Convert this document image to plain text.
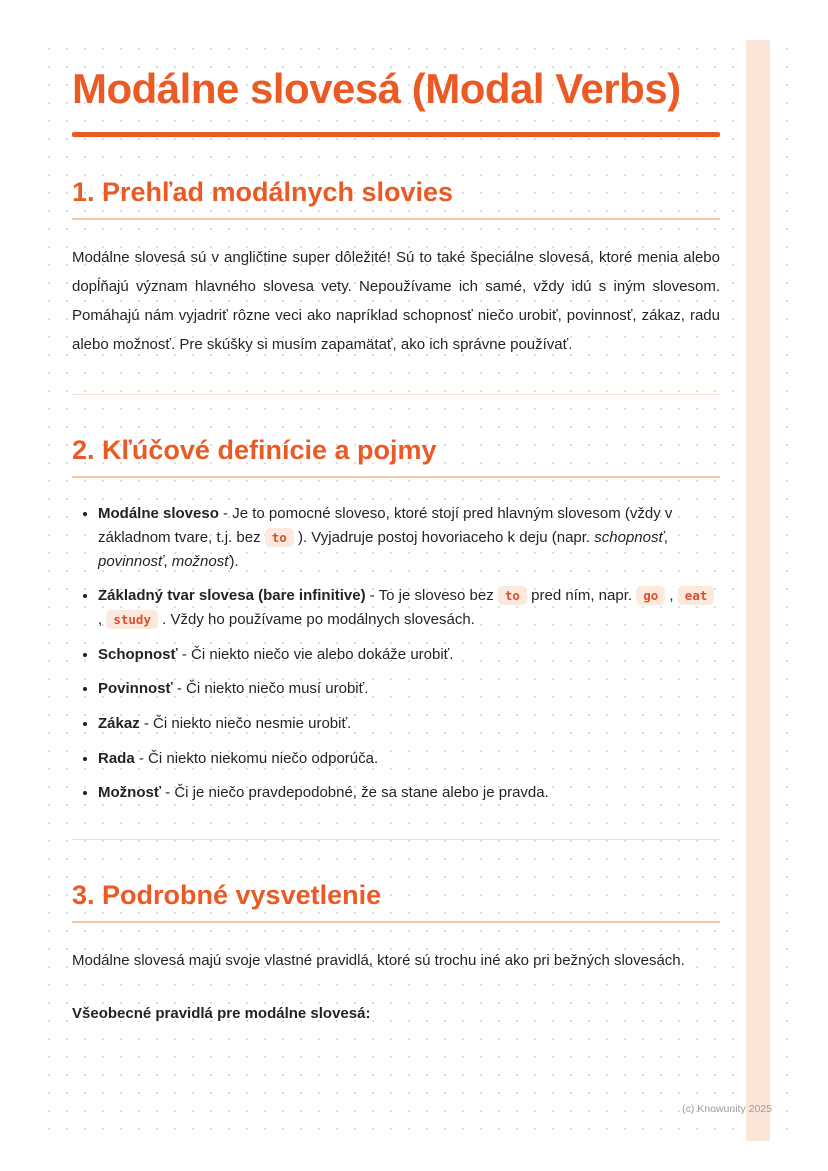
Modálne slovesá (Modal Verbs)
1. Prehľad modálnych slovies

Modálne slovesá sú v angličtine super dôležité! Sú to také špeciálne slovesá, ktoré menia alebo dopĺňajú význam hlavného slovesa vety. Nepoužívame ich samé, vždy idú s iným slovesom. Pomáhajú nám vyjadriť rôzne veci ako napríklad schopnosť niečo urobiť, povinnosť, zákaz, radu alebo možnosť. Pre skúšky si musím zapamätať, ako ich správne používať.

2. Kľúčové definície a pojmy
• Modálne sloveso - Je to pomocné sloveso, ktoré stojí pred hlavným slovesom (vždy v základnom tvare, t.j. bez to ). Vyjadruje postoj hovoriaceho k deju (napr. schopnosť, povinnosť, možnosť).
• Základný tvar slovesa (bare infinitive) - To je sloveso bez to pred ním, napr. go , eat , study . Vždy ho používame po modálnych slovesách.
• Schopnosť - Či niekto niečo vie alebo dokáže urobiť.
• Povinnosť - Či niekto niečo musí urobiť.
• Zákaz - Či niekto niečo nesmie urobiť.
• Rada - Či niekto niekomu niečo odporúča.
• Možnosť - Či je niečo pravdepodobné, že sa stane alebo je pravda.
3. Podrobné vysvetlenie

Modálne slovesá majú svoje vlastné pravidlá, ktoré sú trochu iné ako pri bežných slovesách.

Všeobecné pravidlá pre modálne slovesá:

(c) Knowunity 2025
